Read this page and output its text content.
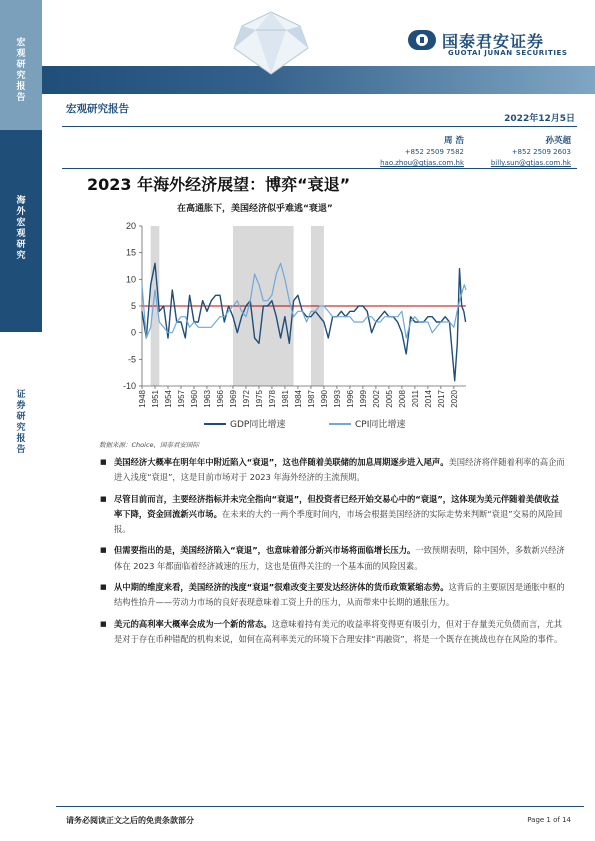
宏
观
研
究
报
告
海
外
宏
观
研
究
证
券
研
究
报
告
国泰君安证券
GUOTAI JUNAN SECURITIES
宏观研究报告
2022年12月5日
周 浩
+852 2509 7582
hao.zhou@gtjas.com.hk
孙英超
+852 2509 2603
billy.sun@gtjas.com.hk
2023 年海外经济展望：博弈“衰退”
在高通胀下，美国经济似乎难逃“衰退”
20
15
10
5
0
-5
-10
1948 1951 1954 1957 1960 1963 1966 1969 1972 1975 1978 1981 1984 1987 1990 1993 1996 1999 2002 2005 2008 2011 2014 2017 2020
GDP同比增速	CPI同比增速
数据来源：Choice，国泰君安国际
■ 美国经济大概率在明年年中附近陷入“衰退”，这也伴随着美联储的加息周期逐步进入尾声。美国经济将伴随着利率的高企而进入浅度“衰退”，这是目前市场对于 2023 年海外经济的主流预期。
■ 尽管目前而言，主要经济指标并未完全指向“衰退”，但投资者已经开始交易心中的“衰退”，这体现为美元伴随着美债收益率下降，资金回流新兴市场。在未来的大约一两个季度时间内，市场会根据美国经济的实际走势来判断“衰退”交易的风险回报。
■ 但需要指出的是，美国经济陷入“衰退”，也意味着部分新兴市场将面临增长压力。一致预期表明，除中国外，多数新兴经济体在 2023 年都面临着经济减速的压力，这也是值得关注的一个基本面的风险因素。
■ 从中期的维度来看，美国经济的浅度“衰退”很难改变主要发达经济体的货币政策紧缩态势。这背后的主要原因是通胀中枢的结构性抬升——劳动力市场的良好表现意味着工资上升的压力，从而带来中长期的通胀压力。
■ 美元的高利率大概率会成为一个新的常态。这意味着持有美元的收益率将变得更有吸引力，但对于存量美元负债而言，尤其是对于存在币种错配的机构来说，如何在高利率美元的环境下合理安排“再融资”，将是一个既存在挑战也存在风险的事件。
请务必阅读正文之后的免责条款部分	Page 1 of 14
